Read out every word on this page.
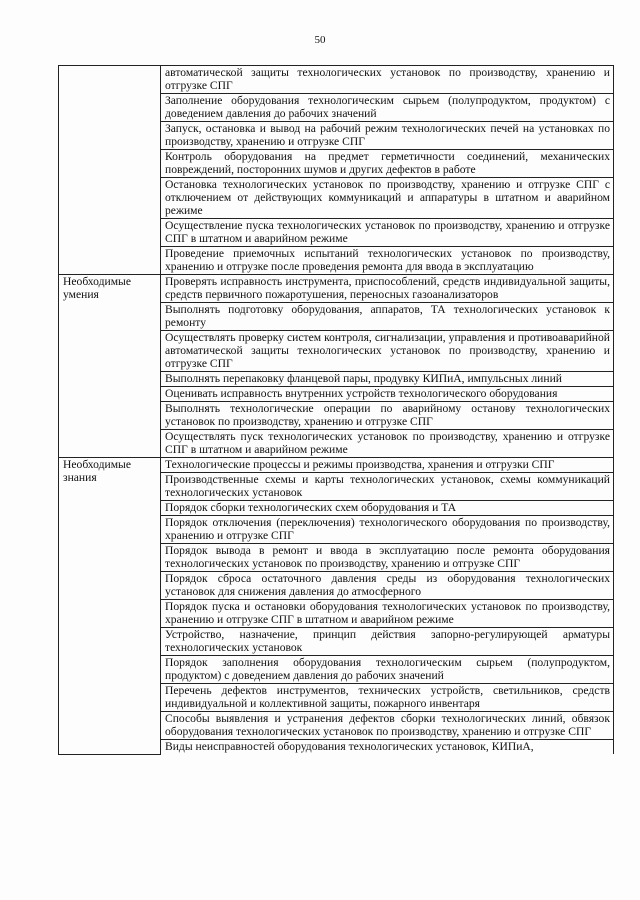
50
	автоматической защиты технологических установок по производству, хранению и отгрузке СПГ
	Заполнение оборудования технологическим сырьем (полупродуктом, продуктом) с доведением давления до рабочих значений
	Запуск, остановка и вывод на рабочий режим технологических печей на установках по производству, хранению и отгрузке СПГ
	Контроль оборудования на предмет герметичности соединений, механических повреждений, посторонних шумов и других дефектов в работе
	Остановка технологических установок по производству, хранению и отгрузке СПГ с отключением от действующих коммуникаций и аппаратуры в штатном и аварийном режиме
	Осуществление пуска технологических установок по производству, хранению и отгрузке СПГ в штатном и аварийном режиме
	Проведение приемочных испытаний технологических установок по производству, хранению и отгрузке после проведения ремонта для ввода в эксплуатацию
Необходимые умения	Проверять исправность инструмента, приспособлений, средств индивидуальной защиты, средств первичного пожаротушения, переносных газоанализаторов
	Выполнять подготовку оборудования, аппаратов, ТА технологических установок к ремонту
	Осуществлять проверку систем контроля, сигнализации, управления и противоаварийной автоматической защиты технологических установок по производству, хранению и отгрузке СПГ
	Выполнять перепаковку фланцевой пары, продувку КИПиА, импульсных линий
	Оценивать исправность внутренних устройств технологического оборудования
	Выполнять технологические операции по аварийному останову технологических установок по производству, хранению и отгрузке СПГ
	Осуществлять пуск технологических установок по производству, хранению и отгрузке СПГ в штатном и аварийном режиме
Необходимые знания	Технологические процессы и режимы производства, хранения и отгрузки СПГ
	Производственные схемы и карты технологических установок, схемы коммуникаций технологических установок
	Порядок сборки технологических схем оборудования и ТА
	Порядок отключения (переключения) технологического оборудования по производству, хранению и отгрузке СПГ
	Порядок вывода в ремонт и ввода в эксплуатацию после ремонта оборудования технологических установок по производству, хранению и отгрузке СПГ
	Порядок сброса остаточного давления среды из оборудования технологических установок для снижения давления до атмосферного
	Порядок пуска и остановки оборудования технологических установок по производству, хранению и отгрузке СПГ в штатном и аварийном режиме
	Устройство, назначение, принцип действия запорно-регулирующей арматуры технологических установок
	Порядок заполнения оборудования технологическим сырьем (полупродуктом, продуктом) с доведением давления до рабочих значений
	Перечень дефектов инструментов, технических устройств, светильников, средств индивидуальной и коллективной защиты, пожарного инвентаря
	Способы выявления и устранения дефектов сборки технологических линий, обвязок оборудования технологических установок по производству, хранению и отгрузке СПГ
	Виды неисправностей оборудования технологических установок, КИПиА,
